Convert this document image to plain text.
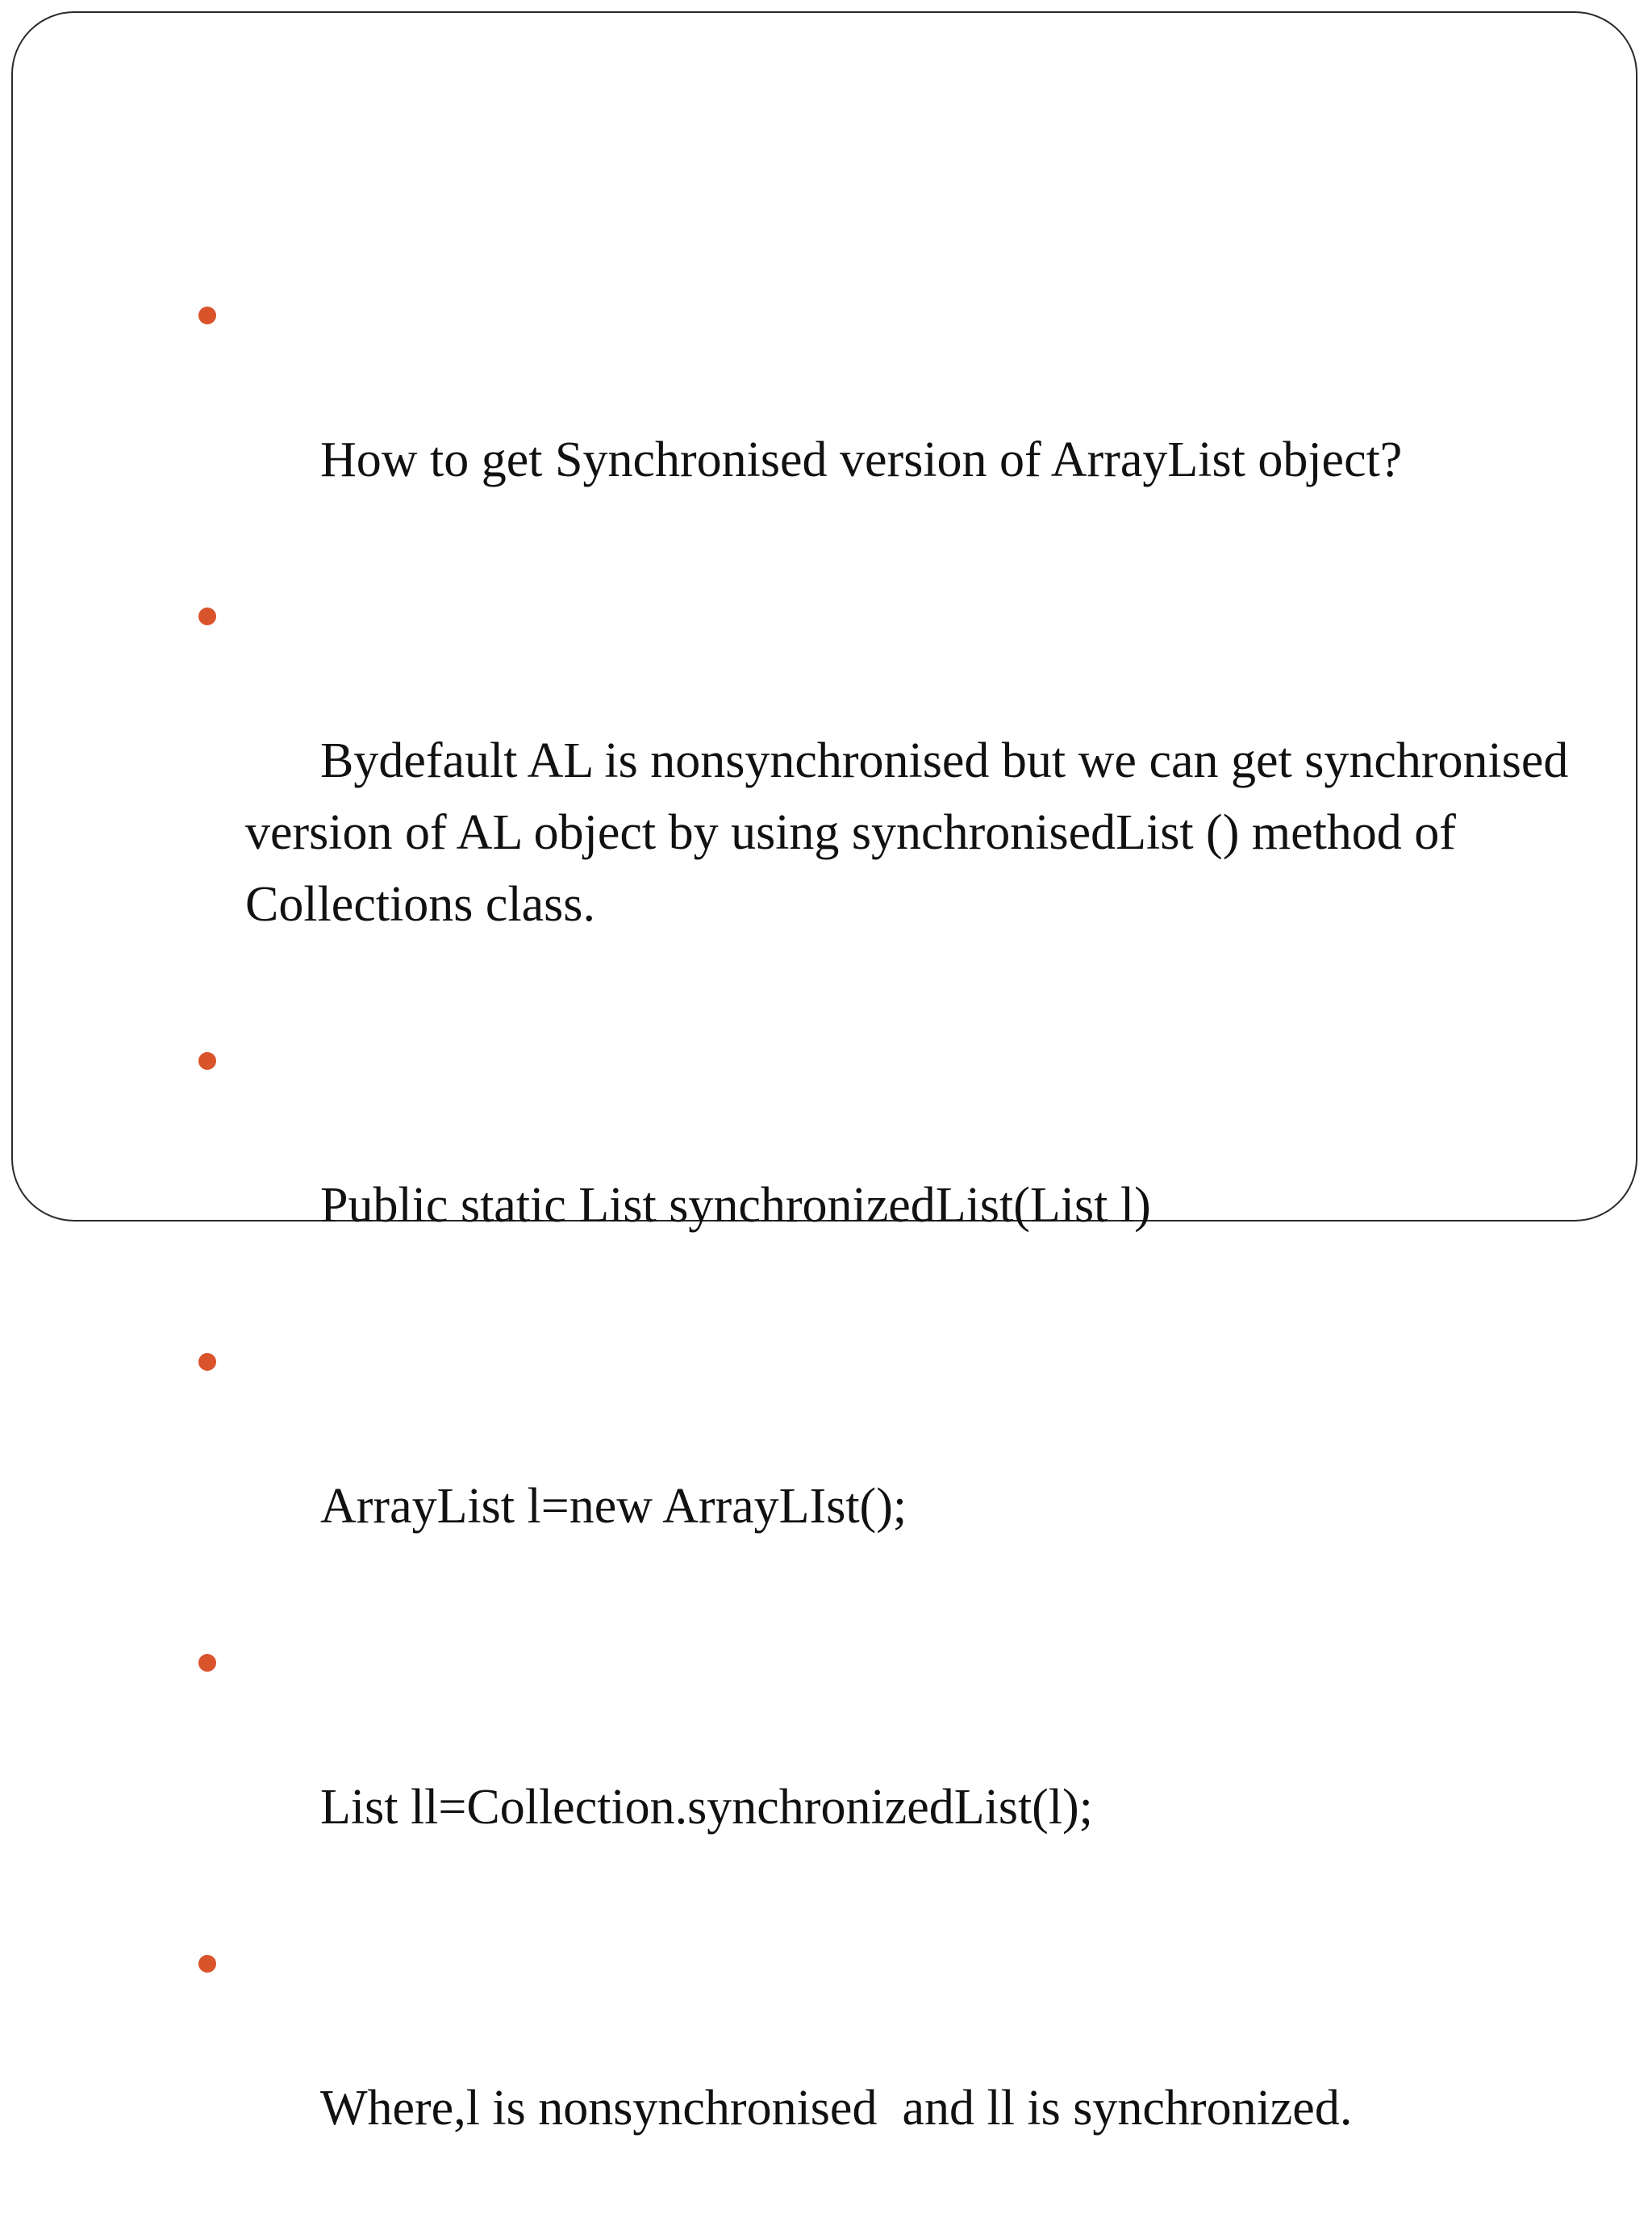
How to get Synchronised version of ArrayList object?

Bydefault AL is nonsynchronised but we can get synchronised version of AL object by using synchronisedList () method of Collections class.

Public static List synchronizedList(List l)

ArrayList l=new ArrayLIst();

List ll=Collection.synchronizedList(l);

Where,l is nonsynchronised  and ll is synchronized.
